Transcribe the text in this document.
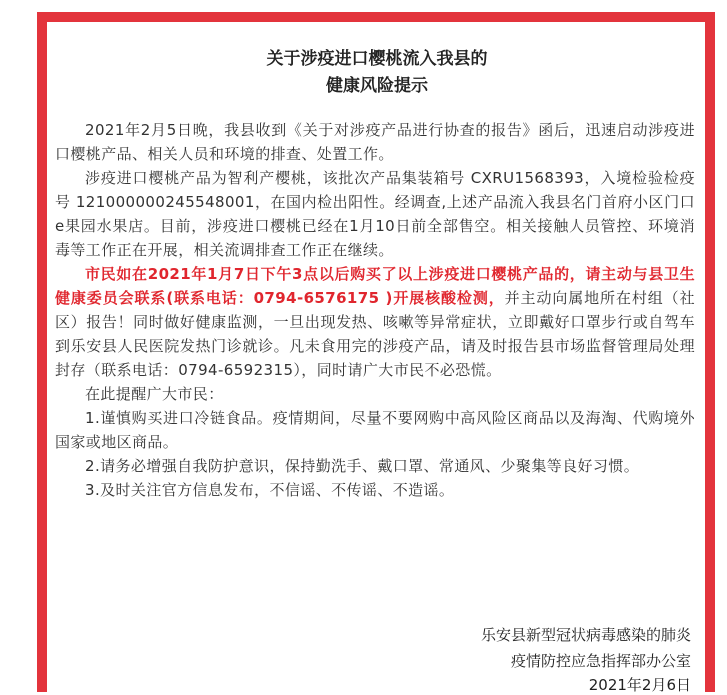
关于涉疫进口樱桃流入我县的
健康风险提示

2021年2月5日晚，我县收到《关于对涉疫产品进行协查的报告》函后，迅速启动涉疫进口樱桃产品、相关人员和环境的排查、处置工作。

涉疫进口樱桃产品为智利产樱桃，该批次产品集装箱号 CXRU1568393，入境检验检疫号 121000000245548001，在国内检出阳性。经调查,上述产品流入我县名门首府小区门口e果园水果店。目前，涉疫进口樱桃已经在1月10日前全部售空。相关接触人员管控、环境消毒等工作正在开展，相关流调排查工作正在继续。

市民如在2021年1月7日下午3点以后购买了以上涉疫进口樱桃产品的，请主动与县卫生健康委员会联系(联系电话：0794-6576175 )开展核酸检测，并主动向属地所在村组（社区）报告！同时做好健康监测，一旦出现发热、咳嗽等异常症状，立即戴好口罩步行或自驾车到乐安县人民医院发热门诊就诊。凡未食用完的涉疫产品，请及时报告县市场监督管理局处理封存（联系电话：0794-6592315），同时请广大市民不必恐慌。

在此提醒广大市民：

1.谨慎购买进口冷链食品。疫情期间，尽量不要网购中高风险区商品以及海淘、代购境外国家或地区商品。

2.请务必增强自我防护意识，保持勤洗手、戴口罩、常通风、少聚集等良好习惯。

3.及时关注官方信息发布，不信谣、不传谣、不造谣。

乐安县新型冠状病毒感染的肺炎
疫情防控应急指挥部办公室
2021年2月6日
